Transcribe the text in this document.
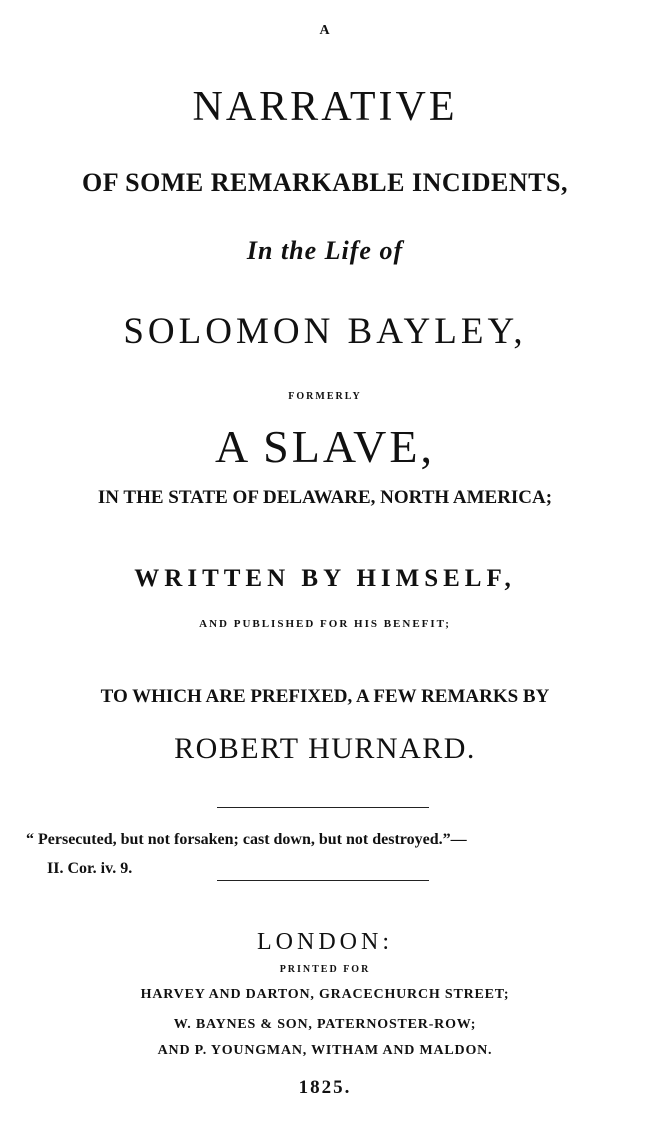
A
NARRATIVE
OF SOME REMARKABLE INCIDENTS,
In the Life of
SOLOMON BAYLEY,
FORMERLY
A SLAVE,
IN THE STATE OF DELAWARE, NORTH AMERICA;
WRITTEN BY HIMSELF,
AND PUBLISHED FOR HIS BENEFIT;
TO WHICH ARE PREFIXED, A FEW REMARKS BY
ROBERT HURNARD.
“ Persecuted, but not forsaken; cast down, but not destroyed.”—
II. Cor. iv. 9.
LONDON:
PRINTED FOR
HARVEY AND DARTON, GRACECHURCH STREET;
W. BAYNES & SON, PATERNOSTER-ROW;
AND P. YOUNGMAN, WITHAM AND MALDON.
1825.
